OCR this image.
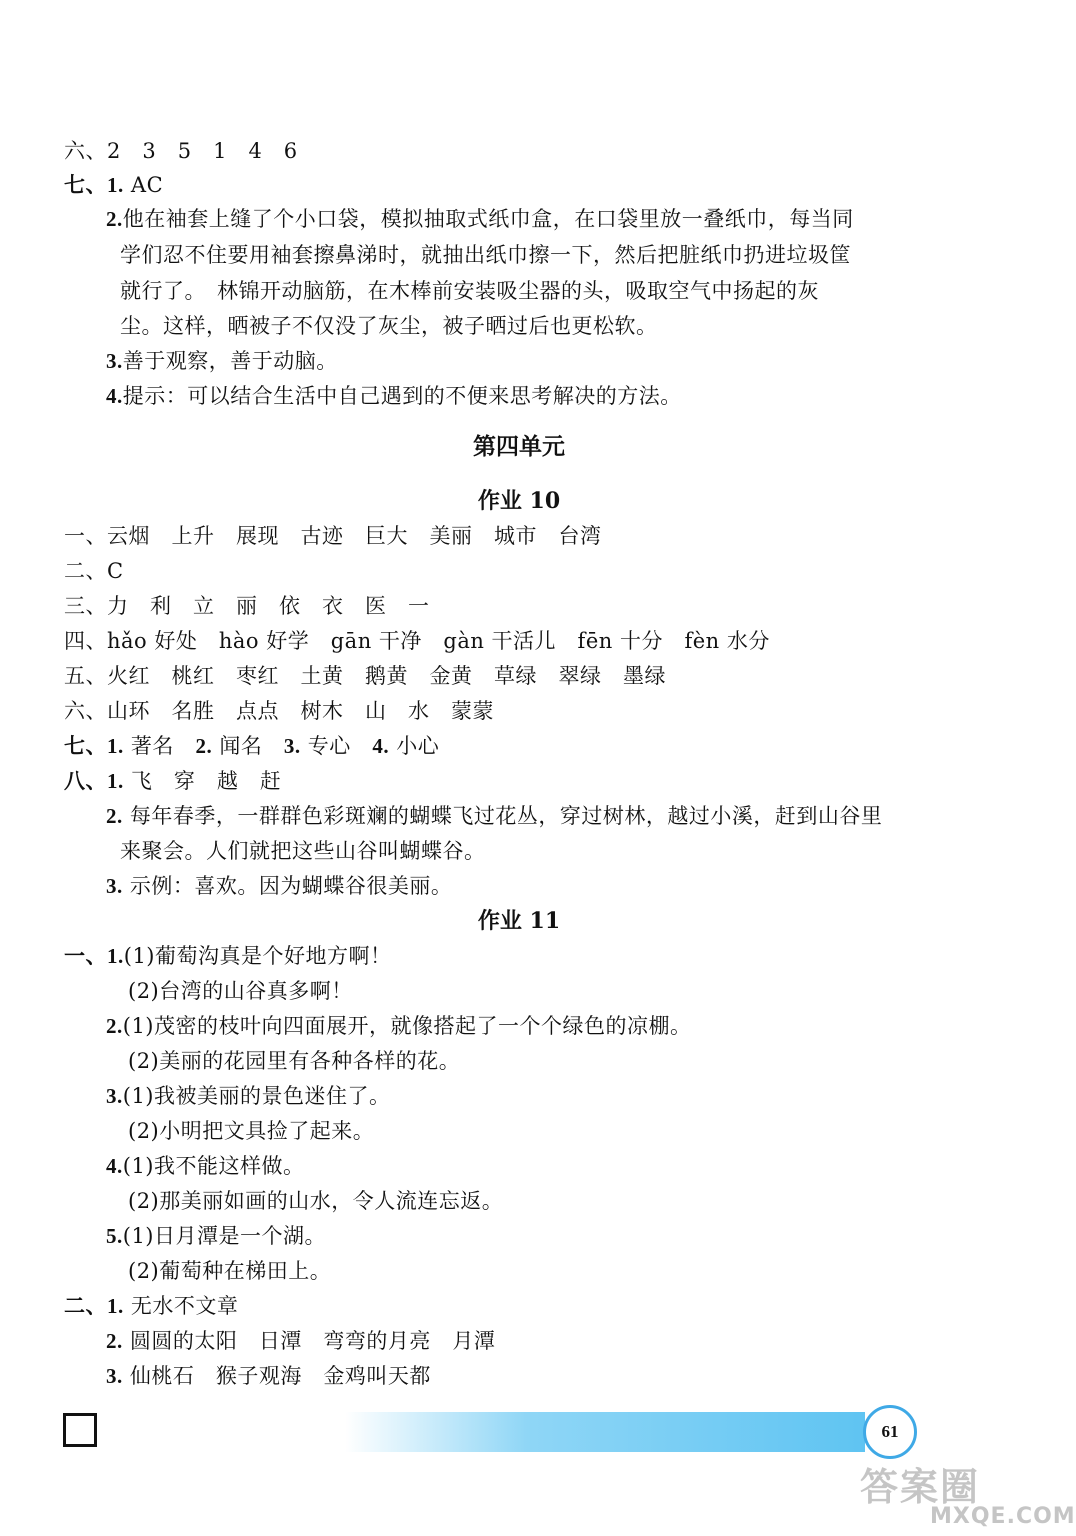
六、2　3　5　1　4　6
七、1. AC
2.他在袖套上缝了个小口袋，模拟抽取式纸巾盒，在口袋里放一叠纸巾，每当同
学们忍不住要用袖套擦鼻涕时，就抽出纸巾擦一下，然后把脏纸巾扔进垃圾筐
就行了。　林锦开动脑筋，在木棒前安装吸尘器的头，吸取空气中扬起的灰
尘。这样，晒被子不仅没了灰尘，被子晒过后也更松软。
3.善于观察，善于动脑。
4.提示：可以结合生活中自己遇到的不便来思考解决的方法。
第四单元
作业 10
一、云烟　上升　展现　古迹　巨大　美丽　城市　台湾
二、C
三、力　利　立　丽　依　衣　医　一
四、hǎo 好处　hào 好学　gān 干净　gàn 干活儿　fēn 十分　fèn 水分
五、火红　桃红　枣红　土黄　鹅黄　金黄　草绿　翠绿　墨绿
六、山环　名胜　点点　树木　山　水　蒙蒙
七、1. 著名　2. 闻名　3. 专心　4. 小心
八、1. 飞　穿　越　赶
2. 每年春季，一群群色彩斑斓的蝴蝶飞过花丛，穿过树林，越过小溪，赶到山谷里
来聚会。人们就把这些山谷叫蝴蝶谷。
3. 示例：喜欢。因为蝴蝶谷很美丽。
作业 11
一、1.(1)葡萄沟真是个好地方啊！
(2)台湾的山谷真多啊！
2.(1)茂密的枝叶向四面展开，就像搭起了一个个绿色的凉棚。
(2)美丽的花园里有各种各样的花。
3.(1)我被美丽的景色迷住了。
(2)小明把文具捡了起来。
4.(1)我不能这样做。
(2)那美丽如画的山水，令人流连忘返。
5.(1)日月潭是一个湖。
(2)葡萄种在梯田上。
二、1. 无水不文章
2. 圆圆的太阳　日潭　弯弯的月亮　月潭
3. 仙桃石　猴子观海　金鸡叫天都
61
答案圈
MXQE.COM
